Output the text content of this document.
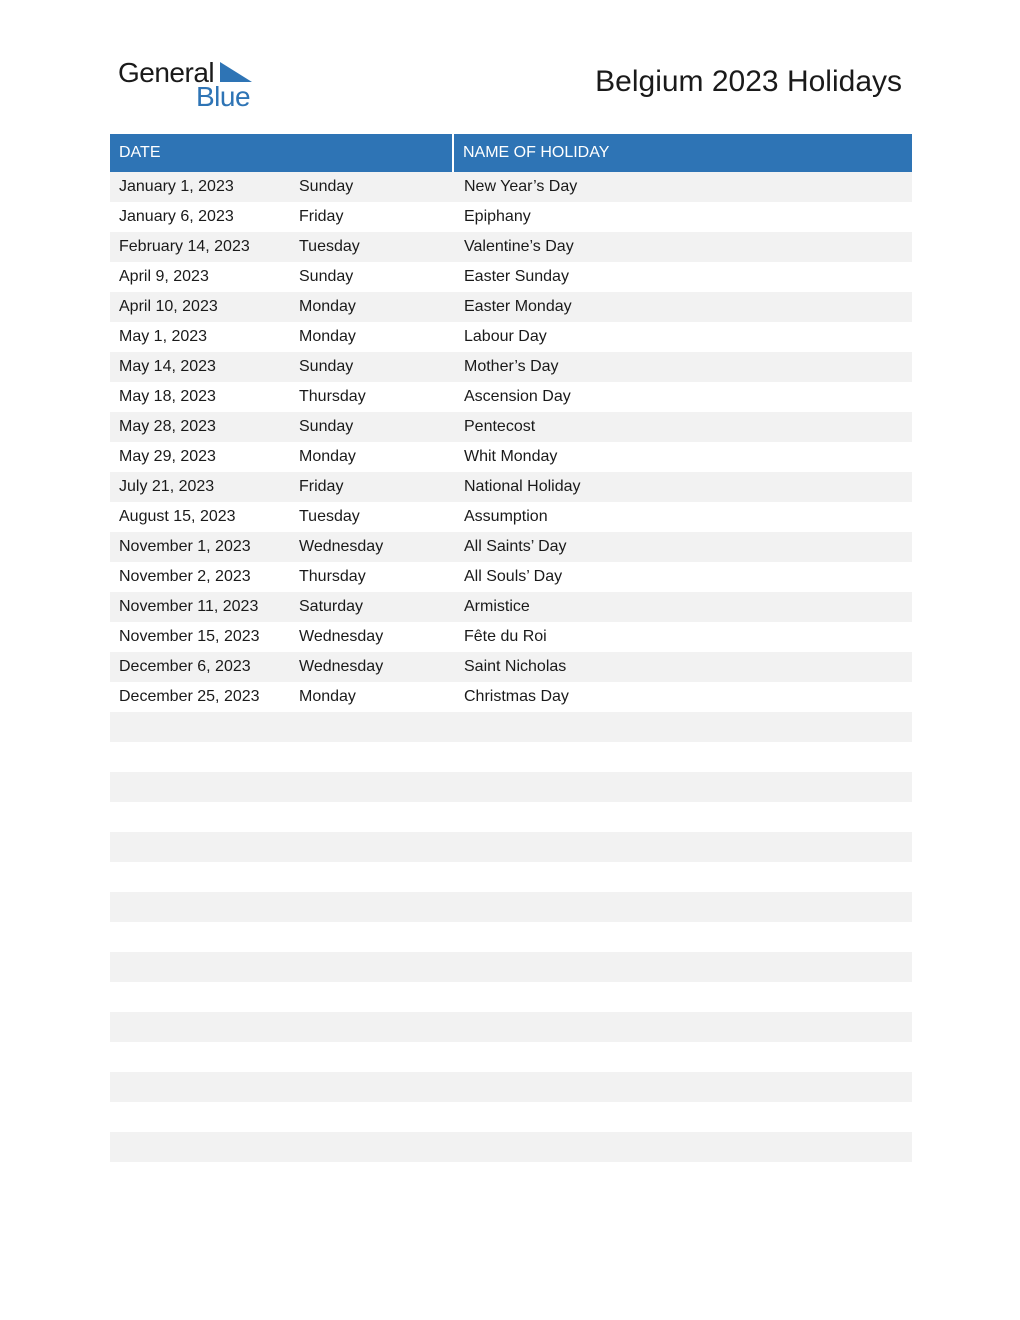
General
Blue	Belgium 2023 Holidays
DATE	NAME OF HOLIDAY
January 1, 2023	Sunday	New Year’s Day
January 6, 2023	Friday	Epiphany
February 14, 2023	Tuesday	Valentine’s Day
April 9, 2023	Sunday	Easter Sunday
April 10, 2023	Monday	Easter Monday
May 1, 2023	Monday	Labour Day
May 14, 2023	Sunday	Mother’s Day
May 18, 2023	Thursday	Ascension Day
May 28, 2023	Sunday	Pentecost
May 29, 2023	Monday	Whit Monday
July 21, 2023	Friday	National Holiday
August 15, 2023	Tuesday	Assumption
November 1, 2023	Wednesday	All Saints’ Day
November 2, 2023	Thursday	All Souls’ Day
November 11, 2023	Saturday	Armistice
November 15, 2023	Wednesday	Fête du Roi
December 6, 2023	Wednesday	Saint Nicholas
December 25, 2023	Monday	Christmas Day
